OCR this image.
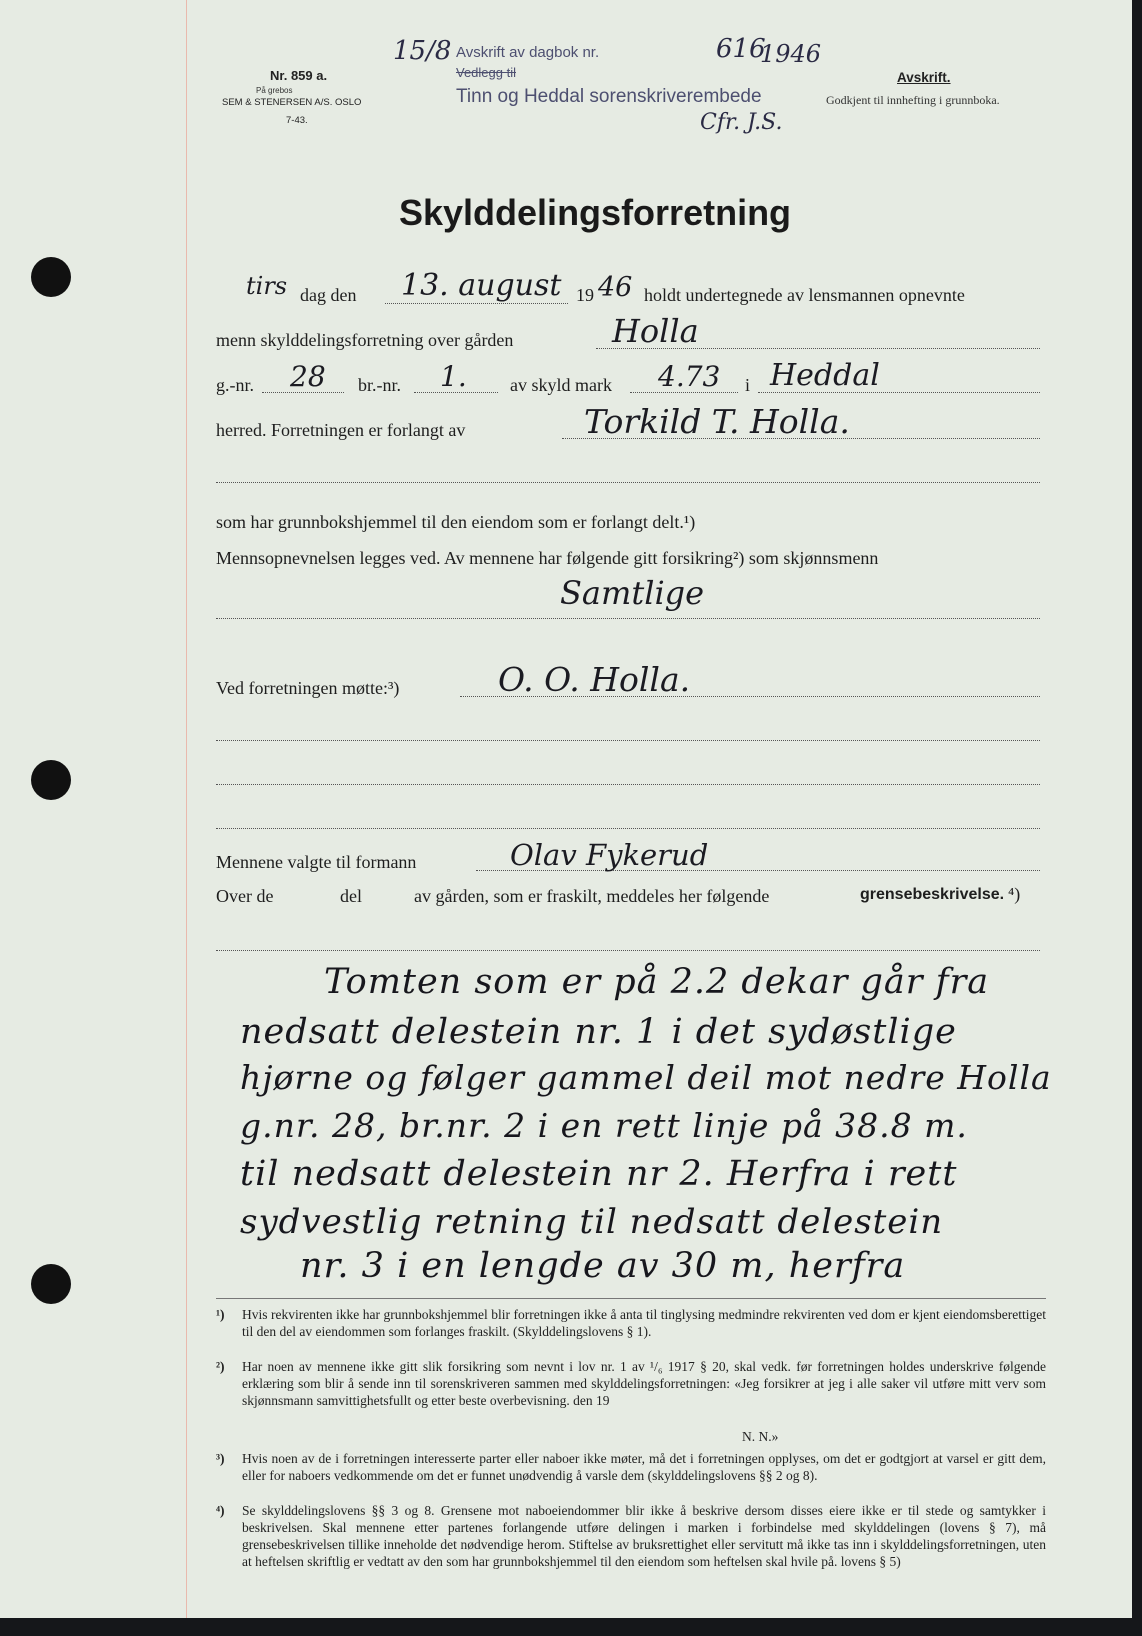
Nr. 859 a.
På grebos
SEM & STENERSEN A/S. OSLO
7-43.
15/8 Avskrift av dagbok nr.	616
1946
Vedlegg til
Tinn og Heddal sorenskriverembede
Cfr. J.S.
Avskrift.
Godkjent til innhefting i grunnboka.
Skylddelingsforretning
tirs dag den 13. august 19 46 holdt undertegnede av lensmannen opnevnte
menn skylddelingsforretning over gården	Holla
g.-nr. 28 br.-nr. 1. av skyld mark 4.73 i Heddal
herred. Forretningen er forlangt av	Torkild T. Holla.
som har grunnbokshjemmel til den eiendom som er forlangt delt.¹)
Mennsopnevnelsen legges ved. Av mennene har følgende gitt forsikring²) som skjønnsmenn
Samtlige
Ved forretningen møtte:³)	O. O. Holla.
Mennene valgte til formann	Olav Fykerud
Over de	del	av gården, som er fraskilt, meddeles her følgende	grensebeskrivelse. ⁴)
Tomten som er på 2.2 dekar går fra
nedsatt delestein nr. 1 i det sydøstlige
hjørne og følger gammel deil mot nedre Holla
g.nr. 28, br.nr. 2 i en rett linje på 38.8 m.
til nedsatt delestein nr 2. Herfra i rett
sydvestlig retning til nedsatt delestein
nr. 3 i en lengde av 30 m, herfra
¹) Hvis rekvirenten ikke har grunnbokshjemmel blir forretningen ikke å anta til tinglysing medmindre rekvirenten ved dom er kjent eiendomsberettiget til den del av eiendommen som forlanges fraskilt. (Skylddelingslovens § 1).
²) Har noen av mennene ikke gitt slik forsikring som nevnt i lov nr. 1 av ¹/₆ 1917 § 20, skal vedk. før forretningen holdes underskrive følgende erklæring som blir å sende inn til sorenskriveren sammen med skylddelingsforretningen: «Jeg forsikrer at jeg i alle saker vil utføre mitt verv som skjønnsmann samvittighetsfullt og etter beste overbevisning. den 19
N. N.»
³) Hvis noen av de i forretningen interesserte parter eller naboer ikke møter, må det i forretningen opplyses, om det er godtgjort at varsel er gitt dem, eller for naboers vedkommende om det er funnet unødvendig å varsle dem (skylddelingslovens §§ 2 og 8).
⁴) Se skylddelingslovens §§ 3 og 8. Grensene mot naboeiendommer blir ikke å beskrive dersom disses eiere ikke er til stede og samtykker i beskrivelsen. Skal mennene etter partenes forlangende utføre delingen i marken i forbindelse med skylddelingen (lovens § 7), må grensebeskrivelsen tillike inneholde det nødvendige herom. Stiftelse av bruksrettighet eller servitutt må ikke tas inn i skylddelingsforretningen, uten at heftelsen skriftlig er vedtatt av den som har grunnbokshjemmel til den eiendom som heftelsen skal hvile på. lovens § 5)
